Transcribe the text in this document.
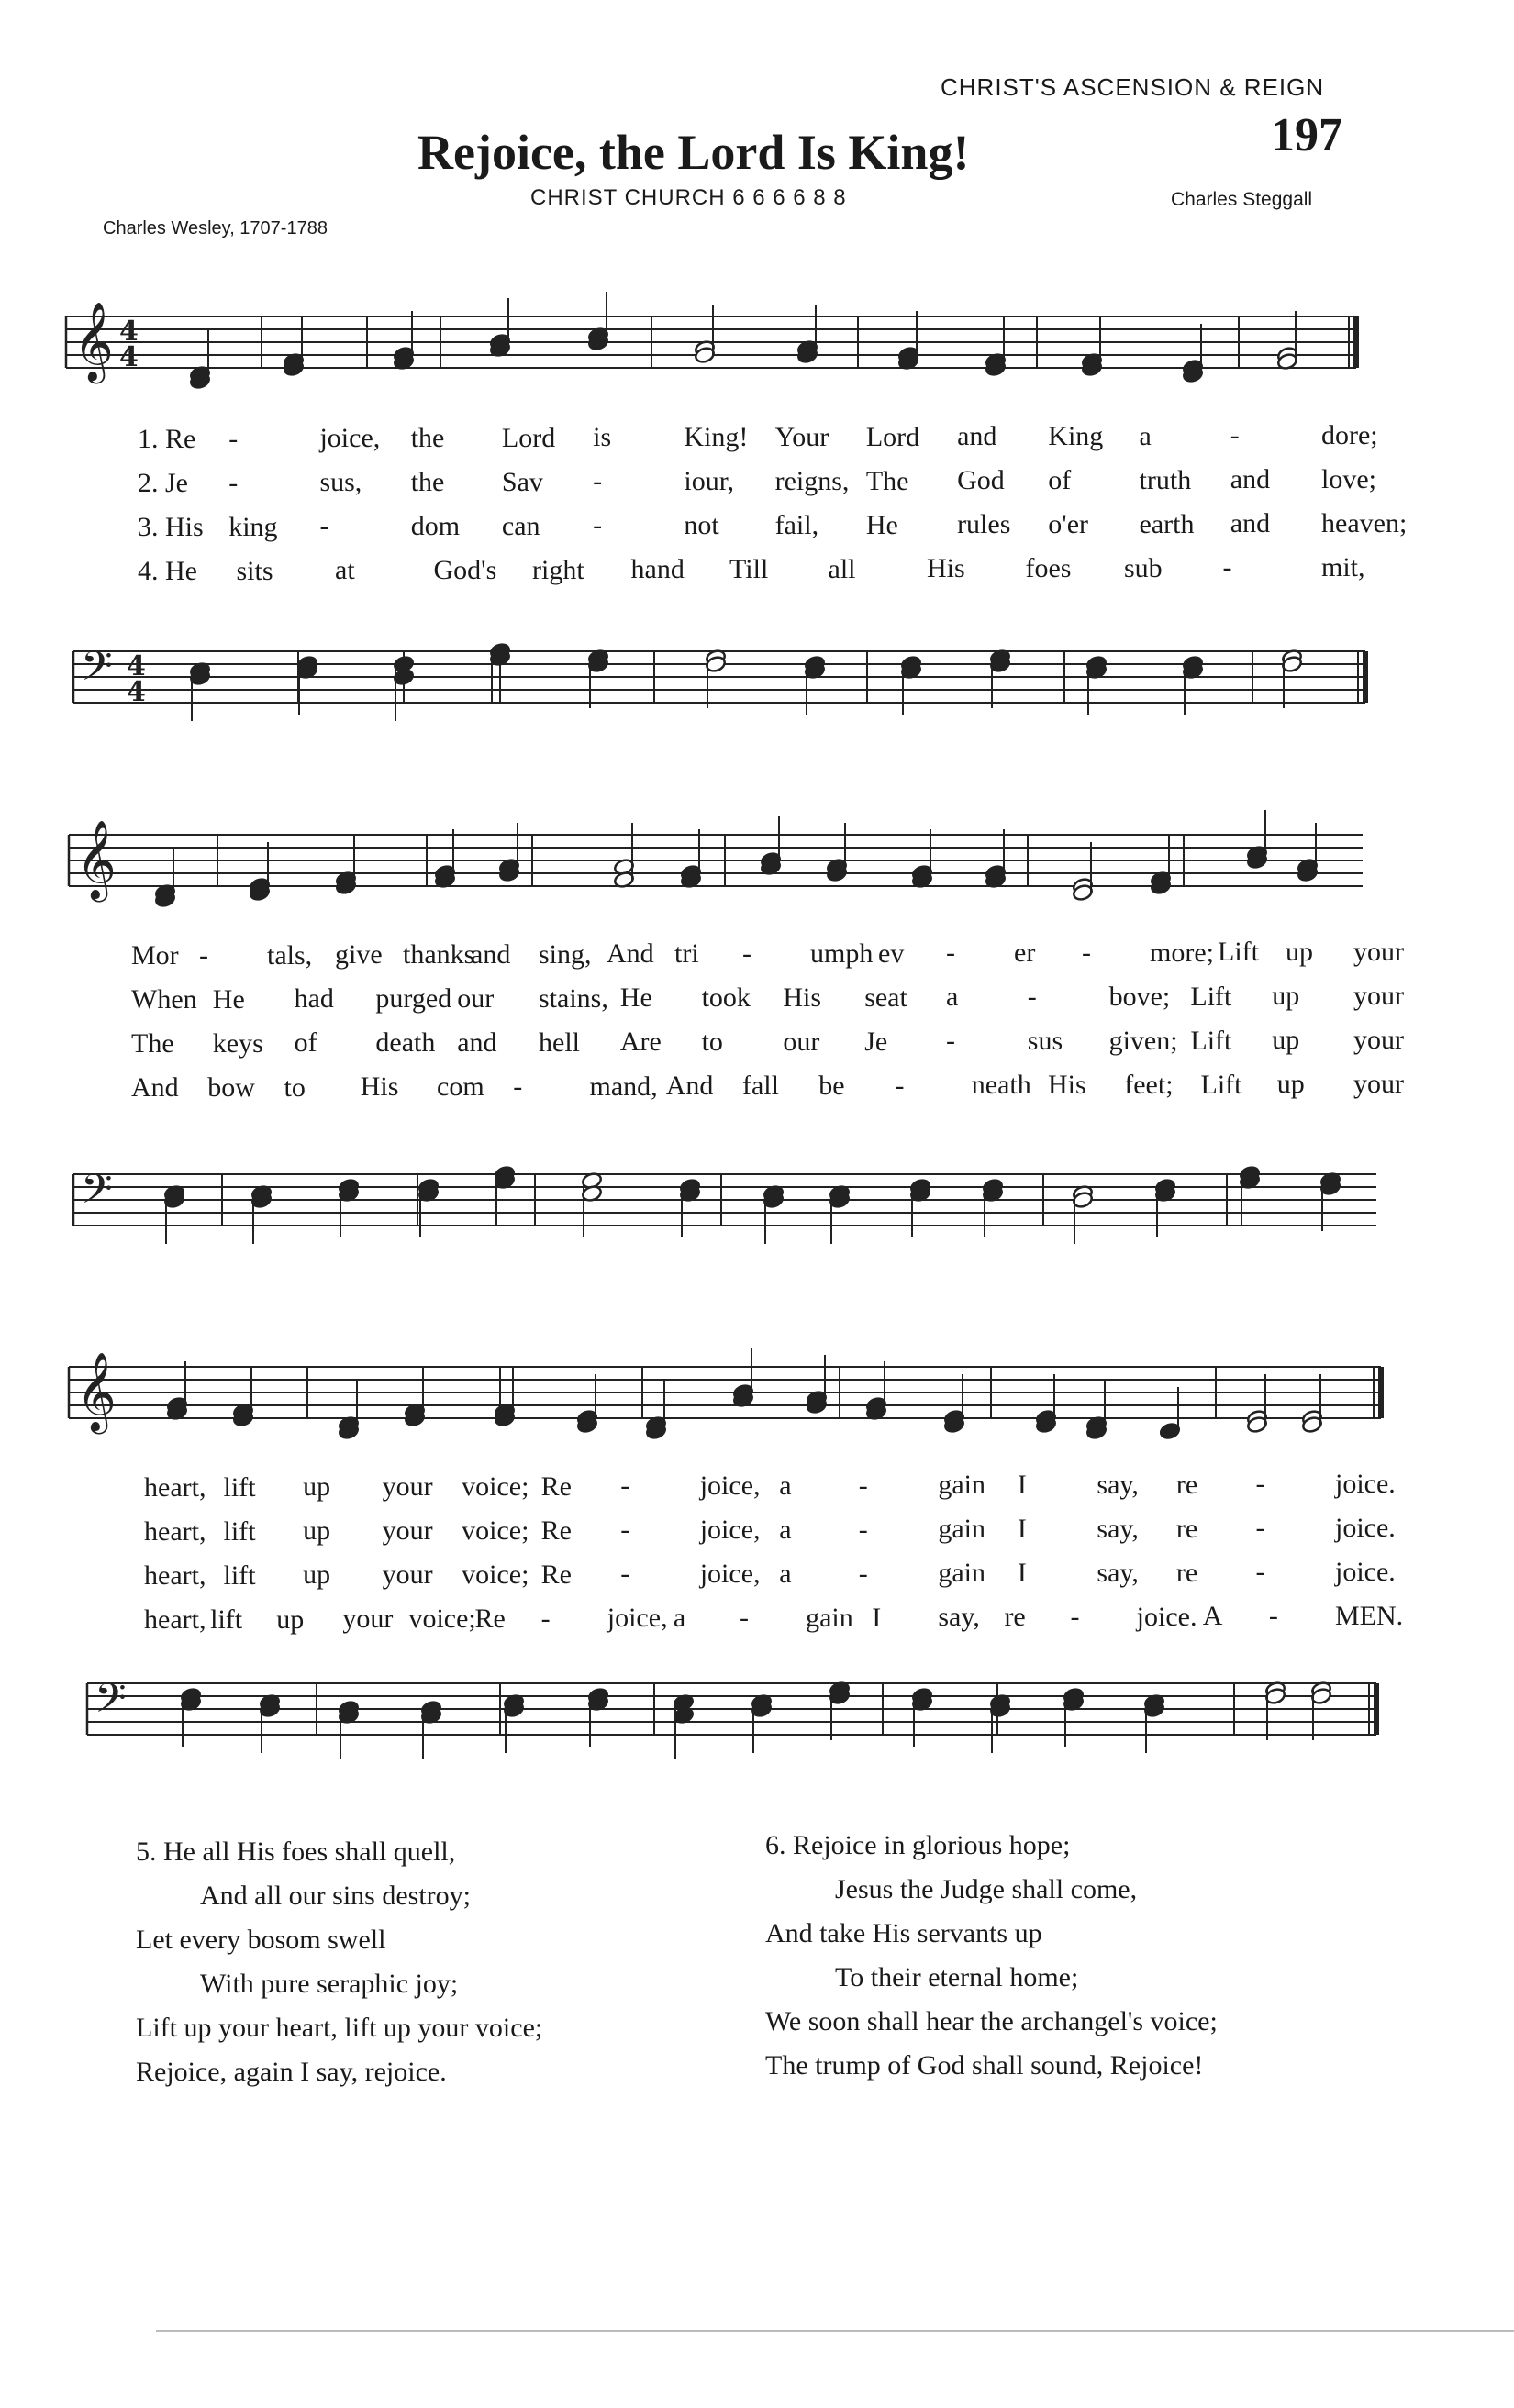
CHRIST'S ASCENSION & REIGN
197
Rejoice, the Lord Is King!
CHRIST CHURCH 6 6 6 6 8 8
Charles Wesley, 1707-1788
Charles Steggall
𝄞 4
4
1. Re -	joice, the Lord is	King! Your Lord and King a	-	dore;
2. Je -	sus, the Sav -	iour, reigns, The God of truth and love;
3. His king -	dom can -	not fail, He rules o'er earth and heaven;
4. He sits at	God's right hand Till all	His foes sub -	mit,
𝄢 4
4
𝄞
Mor - tals, give thanks
and sing, And tri - umph ev - er - more; Lift up your
When He had purged our stains, He took His seat a	-	bove; Lift up your
The keys of death and hell Are to our Je -	sus given; Lift up your
And bow to His com - mand, And fall be - neath His feet; Lift up your
𝄢
𝄞
heart, lift up your voice; Re -	joice, a -	gain I	say, re -	joice.
heart, lift up your voice; Re -	joice, a -	gain I	say, re -	joice.
heart, lift up your voice; Re -	joice, a -	gain I	say, re -	joice.
heart, lift up your voice;
Re - joice, a - gain I say, re - joice. A - MEN.
𝄢
5. He all His foes shall quell,
And all our sins destroy;
Let every bosom swell
With pure seraphic joy;
Lift up your heart, lift up your voice;
Rejoice, again I say, rejoice.
6. Rejoice in glorious hope;
Jesus the Judge shall come,
And take His servants up
To their eternal home;
We soon shall hear the archangel's voice;
The trump of God shall sound, Rejoice!
